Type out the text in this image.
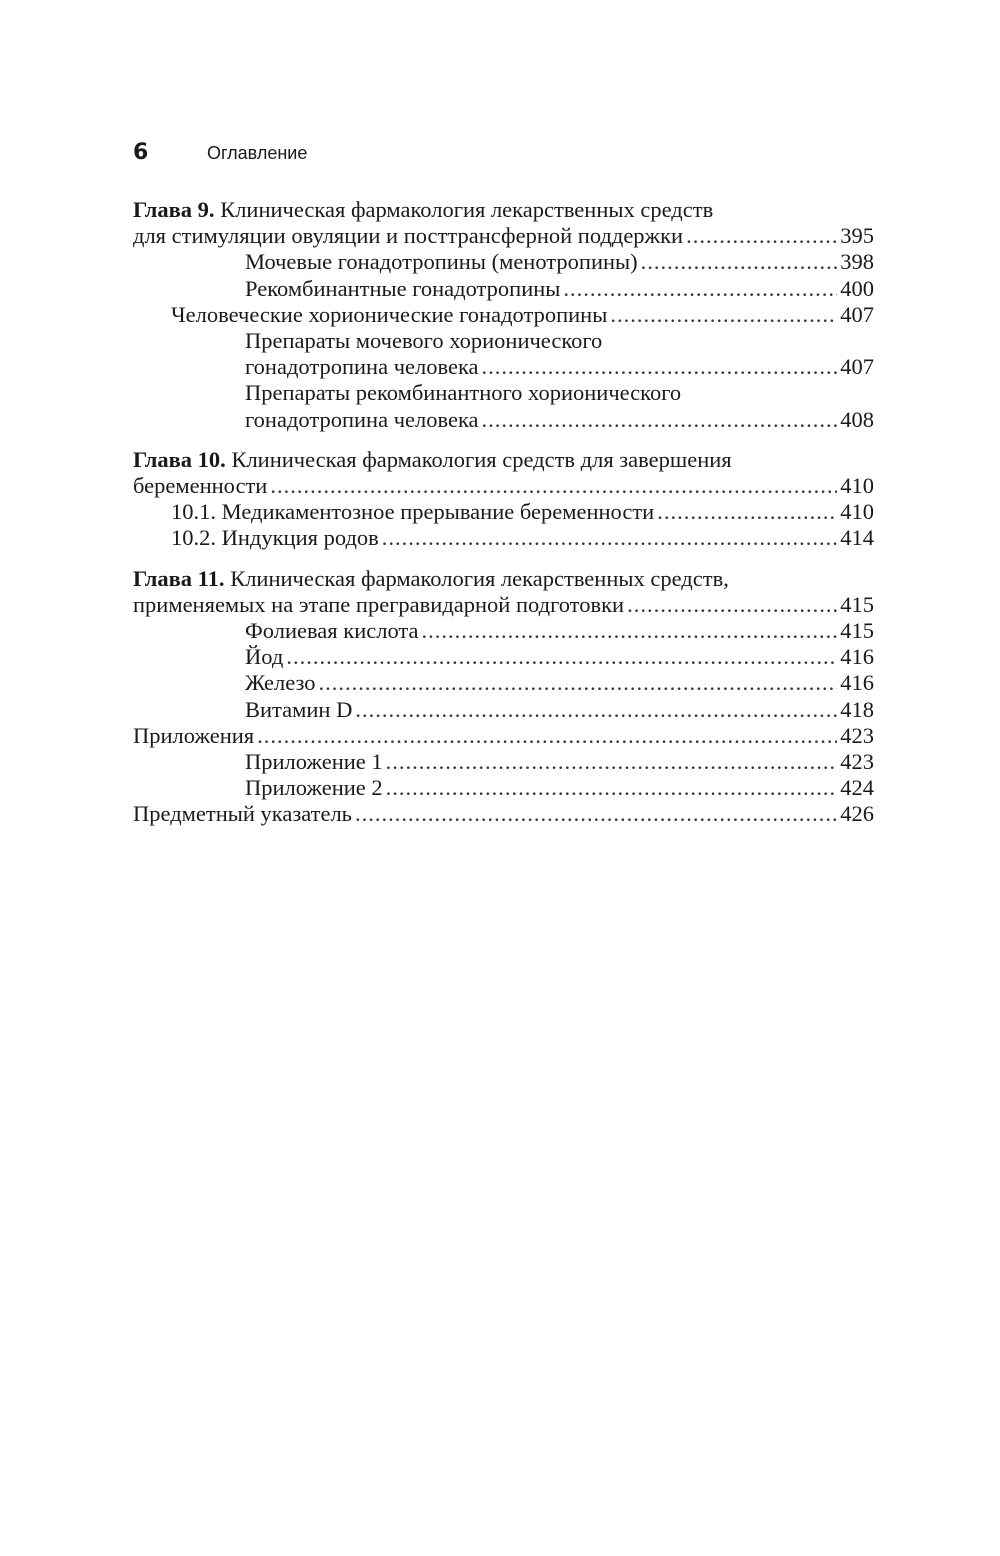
6	Оглавление
Глава 9. Клиническая фармакология лекарственных средств
для стимуляции овуляции и посттрансферной поддержки .....	395
Мочевые гонадотропины (менотропины) .....	398
Рекомбинантные гонадотропины .....	400
Человеческие хорионические гонадотропины .....	407
Препараты мочевого хорионического
гонадотропина человека .....	407
Препараты рекомбинантного хорионического
гонадотропина человека .....	408
Глава 10. Клиническая фармакология средств для завершения
беременности .....	410
10.1. Медикаментозное прерывание беременности .....	410
10.2. Индукция родов .....	414
Глава 11. Клиническая фармакология лекарственных средств,
применяемых на этапе прегравидарной подготовки .....	415
Фолиевая кислота .....	415
Йод .....	416
Железо .....	416
Витамин D .....	418
Приложения .....	423
Приложение 1 .....	423
Приложение 2 .....	424
Предметный указатель .....	426
